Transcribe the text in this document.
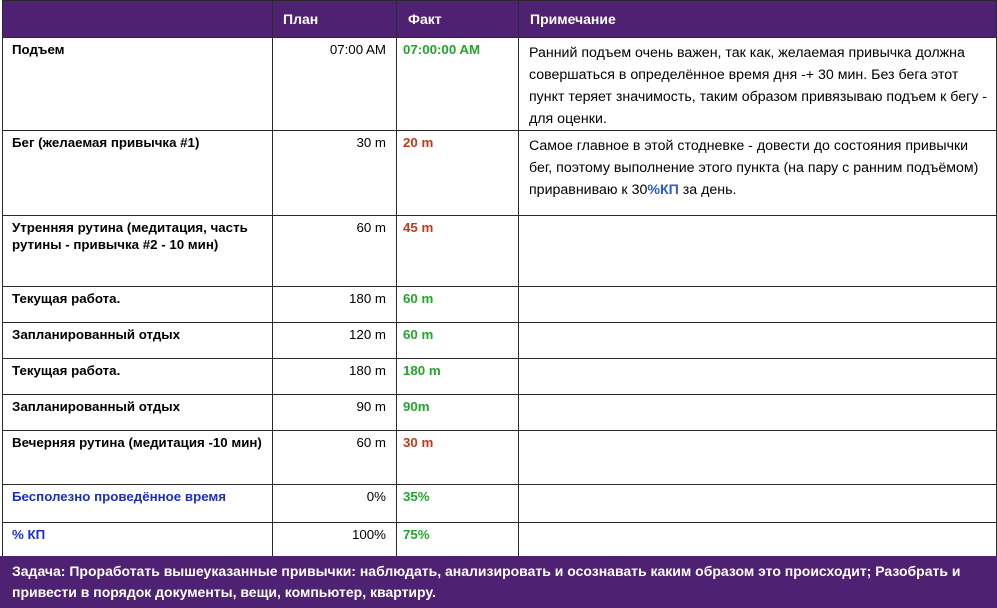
	План	Факт	Примечание

Подъем	07:00 AM	07:00:00 AM	Ранний подъем очень важен, так как, желаемая привычка должна совершаться в определённое время дня -+ 30 мин. Без бега этот пункт теряет значимость, таким образом привязываю подъем к бегу - для оценки.

Бег (желаемая привычка #1)	30 m	20 m	Самое главное в этой стодневке - довести до состояния привычки бег, поэтому выполнение этого пункта (на пару с ранним подъёмом) приравниваю к 30%КП за день.

Утренняя рутина (медитация, часть рутины - привычка #2 - 10 мин)	60 m	45 m	

Текущая работа.	180 m	60 m	

Запланированный отдых	120 m	60 m	

Текущая работа.	180 m	180 m	

Запланированный отдых	90 m	90m	

Вечерняя рутина (медитация -10 мин)	60 m	30 m	

Бесполезно проведённое время	0%	35%	

% КП	100%	75%	

Задача: Проработать вышеуказанные привычки: наблюдать, анализировать и осознавать каким образом это происходит; Разобрать и привести в порядок документы, вещи, компьютер, квартиру.
